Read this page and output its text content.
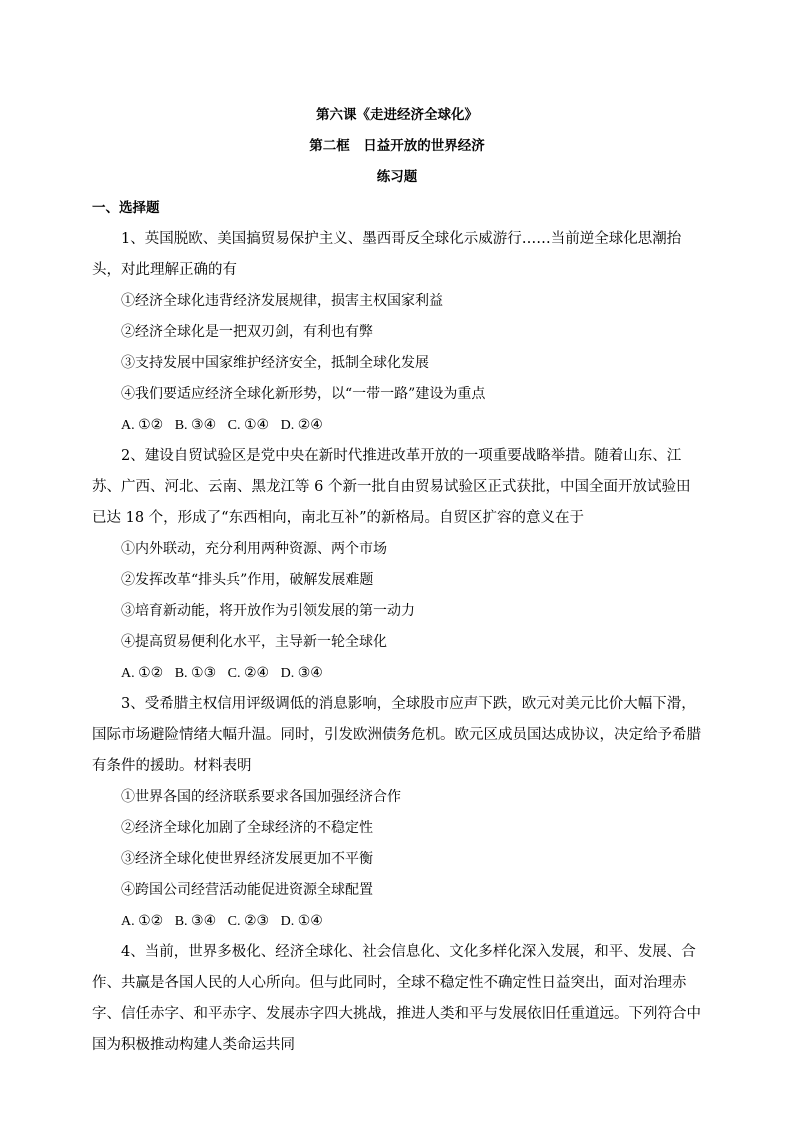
第六课《走进经济全球化》
第二框　日益开放的世界经济
练习题
一、选择题

1、英国脱欧、美国搞贸易保护主义、墨西哥反全球化示威游行……当前逆全球化思潮抬头，对此理解正确的有

①经济全球化违背经济发展规律，损害主权国家利益

②经济全球化是一把双刃剑，有利也有弊

③支持发展中国家维护经济安全，抵制全球化发展

④我们要适应经济全球化新形势，以“一带一路”建设为重点

A. ①② B. ③④ C. ①④ D. ②④

2、建设自贸试验区是党中央在新时代推进改革开放的一项重要战略举措。随着山东、江苏、广西、河北、云南、黑龙江等 6 个新一批自由贸易试验区正式获批，中国全面开放试验田已达 18 个，形成了“东西相向，南北互补”的新格局。自贸区扩容的意义在于

①内外联动，充分利用两种资源、两个市场

②发挥改革“排头兵”作用，破解发展难题

③培育新动能，将开放作为引领发展的第一动力

④提高贸易便利化水平，主导新一轮全球化

A. ①② B. ①③ C. ②④ D. ③④

3、受希腊主权信用评级调低的消息影响，全球股市应声下跌，欧元对美元比价大幅下滑，国际市场避险情绪大幅升温。同时，引发欧洲债务危机。欧元区成员国达成协议，决定给予希腊有条件的援助。材料表明

①世界各国的经济联系要求各国加强经济合作

②经济全球化加剧了全球经济的不稳定性

③经济全球化使世界经济发展更加不平衡

④跨国公司经营活动能促进资源全球配置

A. ①② B. ③④ C. ②③ D. ①④

4、当前，世界多极化、经济全球化、社会信息化、文化多样化深入发展，和平、发展、合作、共赢是各国人民的人心所向。但与此同时，全球不稳定性不确定性日益突出，面对治理赤字、信任赤字、和平赤字、发展赤字四大挑战，推进人类和平与发展依旧任重道远。下列符合中国为积极推动构建人类命运共同
